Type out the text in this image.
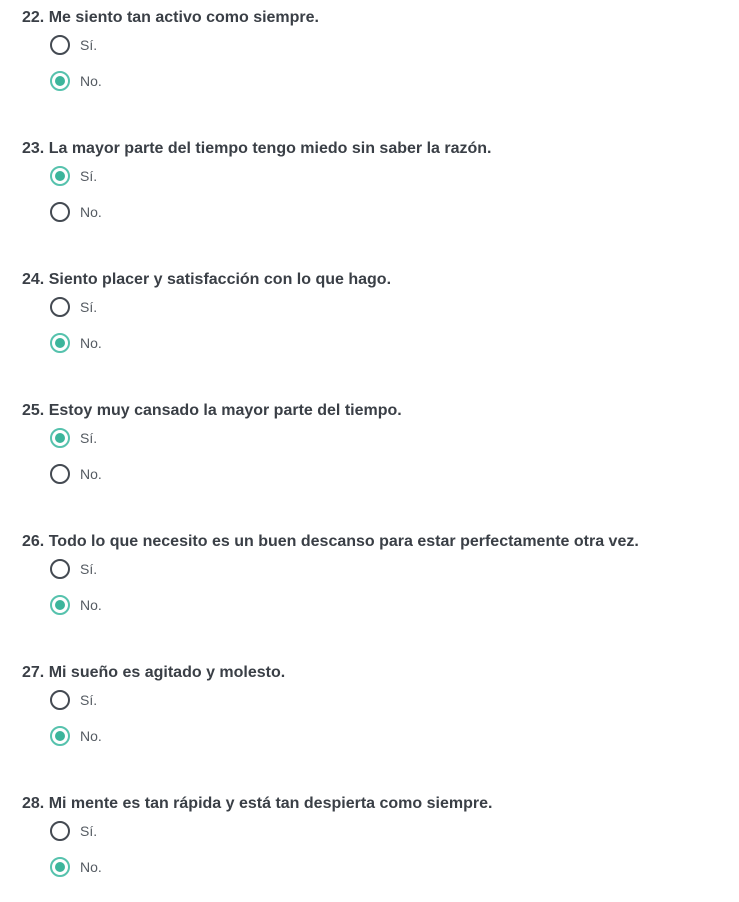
22. Me siento tan activo como siempre.
Sí.
No.
23. La mayor parte del tiempo tengo miedo sin saber la razón.
Sí.
No.
24. Siento placer y satisfacción con lo que hago.
Sí.
No.
25. Estoy muy cansado la mayor parte del tiempo.
Sí.
No.
26. Todo lo que necesito es un buen descanso para estar perfectamente otra vez.
Sí.
No.
27. Mi sueño es agitado y molesto.
Sí.
No.
28. Mi mente es tan rápida y está tan despierta como siempre.
Sí.
No.
